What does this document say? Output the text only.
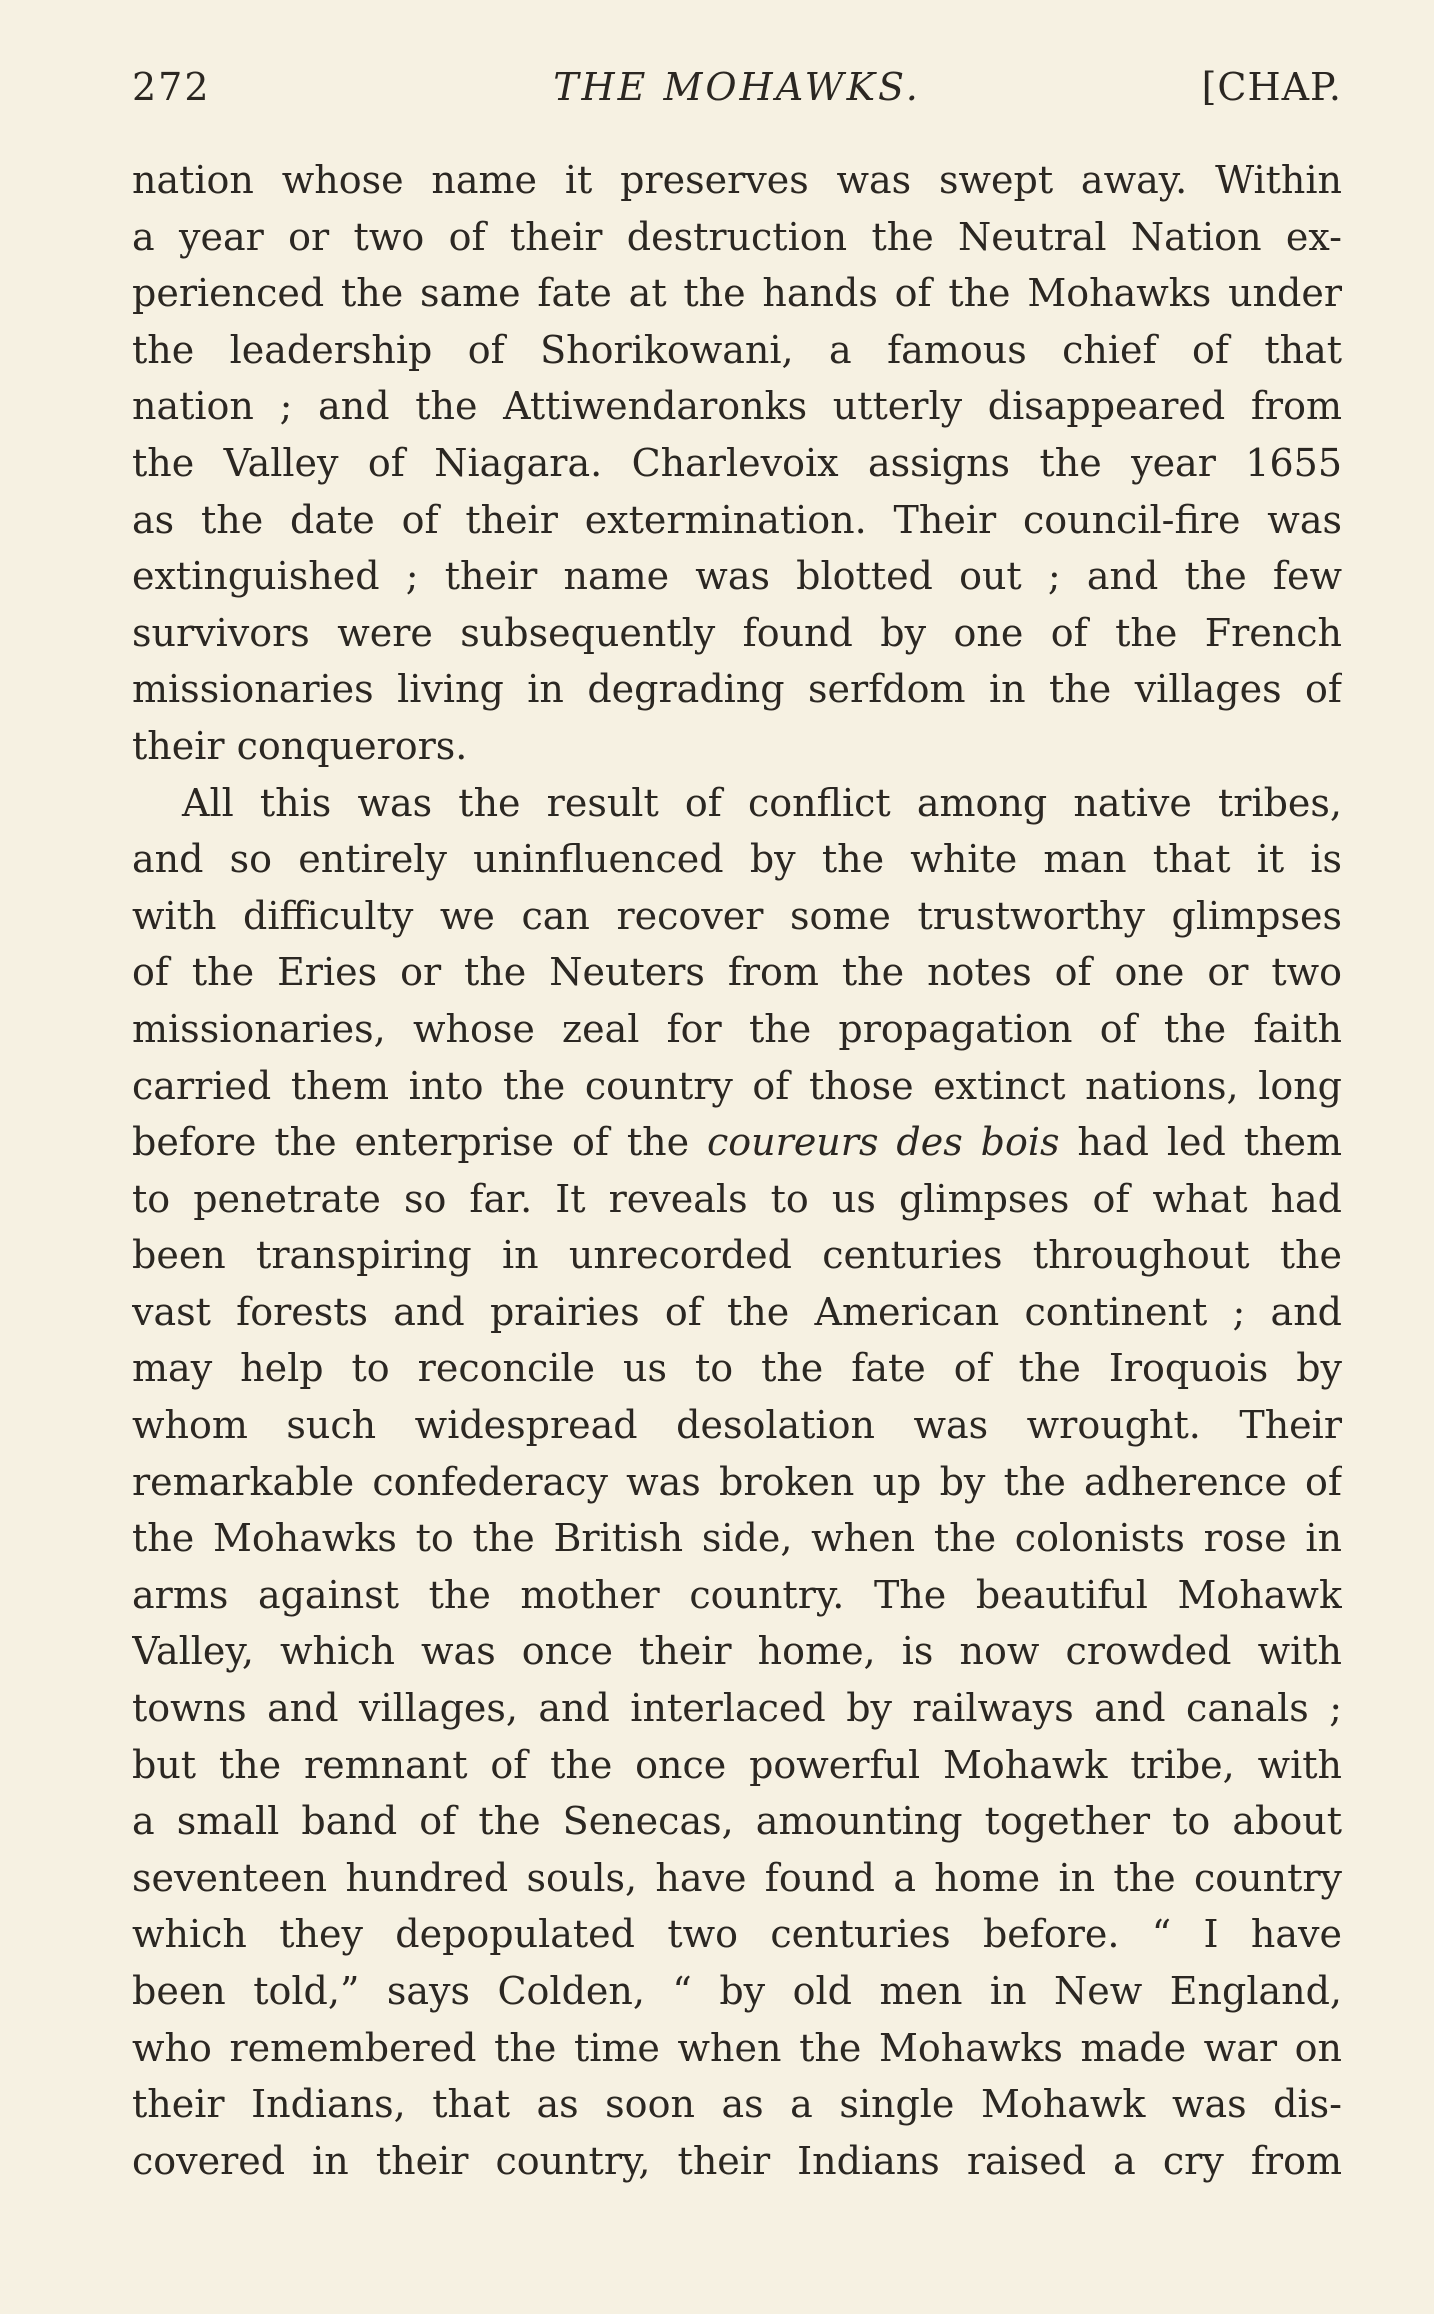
272	THE MOHAWKS.	[CHAP.
nation whose name it preserves was swept away. Within
a year or two of their destruction the Neutral Nation ex-
perienced the same fate at the hands of the Mohawks under
the leadership of Shorikowani, a famous chief of that
nation ; and the Attiwendaronks utterly disappeared from
the Valley of Niagara. Charlevoix assigns the year 1655
as the date of their extermination. Their council-fire was
extinguished ; their name was blotted out ; and the few
survivors were subsequently found by one of the French
missionaries living in degrading serfdom in the villages of
their conquerors.
All this was the result of conflict among native tribes,
and so entirely uninfluenced by the white man that it is
with difficulty we can recover some trustworthy glimpses
of the Eries or the Neuters from the notes of one or two
missionaries, whose zeal for the propagation of the faith
carried them into the country of those extinct nations, long
before the enterprise of the coureurs des bois had led them
to penetrate so far. It reveals to us glimpses of what had
been transpiring in unrecorded centuries throughout the
vast forests and prairies of the American continent ; and
may help to reconcile us to the fate of the Iroquois by
whom such widespread desolation was wrought. Their
remarkable confederacy was broken up by the adherence of
the Mohawks to the British side, when the colonists rose in
arms against the mother country. The beautiful Mohawk
Valley, which was once their home, is now crowded with
towns and villages, and interlaced by railways and canals ;
but the remnant of the once powerful Mohawk tribe, with
a small band of the Senecas, amounting together to about
seventeen hundred souls, have found a home in the country
which they depopulated two centuries before. “ I have
been told,” says Colden, “ by old men in New England,
who remembered the time when the Mohawks made war on
their Indians, that as soon as a single Mohawk was dis-
covered in their country, their Indians raised a cry from
